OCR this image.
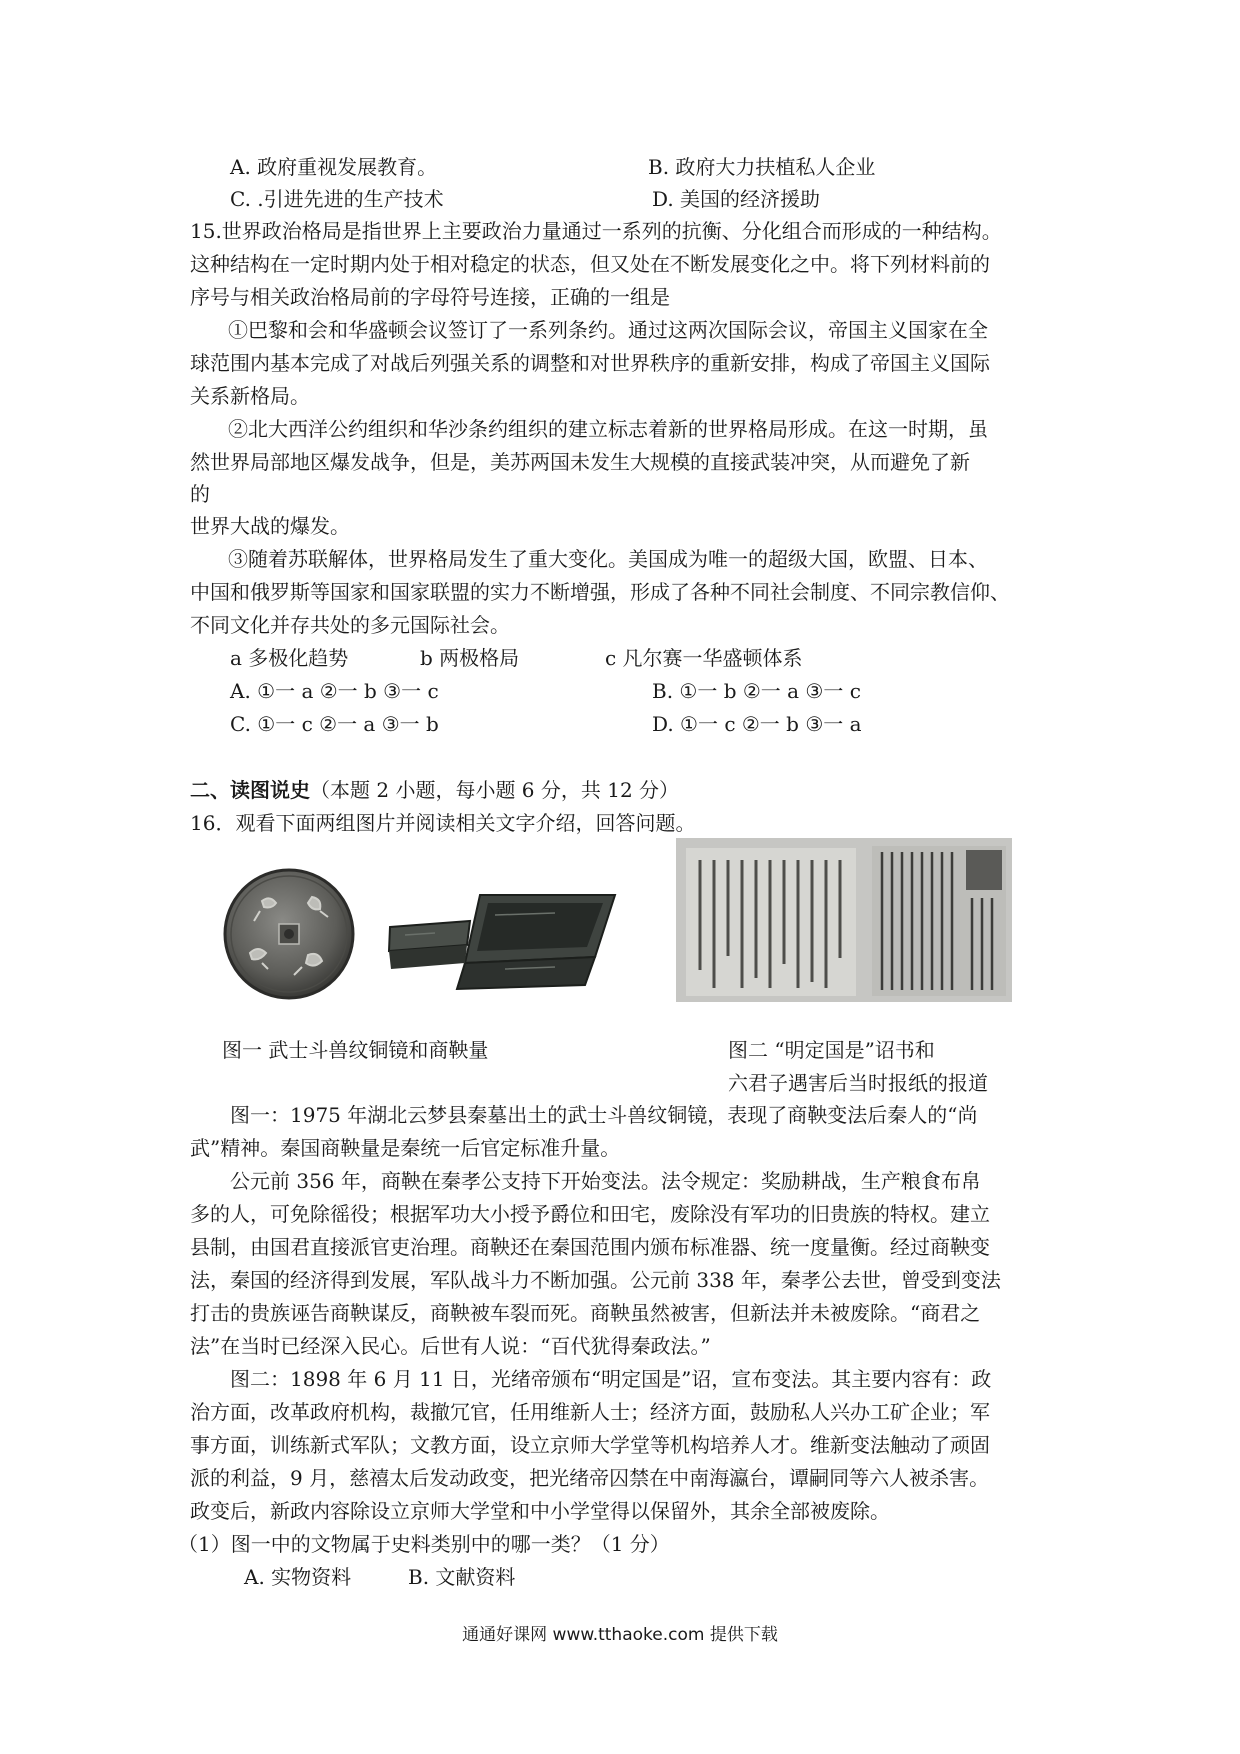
A. 政府重视发展教育。	B. 政府大力扶植私人企业
C. .引进先进的生产技术	D. 美国的经济援助
15.世界政治格局是指世界上主要政治力量通过一系列的抗衡、分化组合而形成的一种结构。
这种结构在一定时期内处于相对稳定的状态，但又处在不断发展变化之中。将下列材料前的
序号与相关政治格局前的字母符号连接，正确的一组是
①巴黎和会和华盛顿会议签订了一系列条约。通过这两次国际会议，帝国主义国家在全
球范围内基本完成了对战后列强关系的调整和对世界秩序的重新安排，构成了帝国主义国际
关系新格局。
②北大西洋公约组织和华沙条约组织的建立标志着新的世界格局形成。在这一时期，虽
然世界局部地区爆发战争，但是，美苏两国未发生大规模的直接武装冲突，从而避免了新
的
世界大战的爆发。
③随着苏联解体，世界格局发生了重大变化。美国成为唯一的超级大国，欧盟、日本、
中国和俄罗斯等国家和国家联盟的实力不断增强，形成了各种不同社会制度、不同宗教信仰、
不同文化并存共处的多元国际社会。
a 多极化趋势	b 两极格局	c 凡尔赛一华盛顿体系
A. ①一 a ②一 b ③一 c	B. ①一 b ②一 a ③一 c
C. ①一 c ②一 a ③一 b	D. ①一 c ②一 b ③一 a
二、读图说史（本题 2 小题，每小题 6 分，共 12 分）
16．观看下面两组图片并阅读相关文字介绍，回答问题。
图一 武士斗兽纹铜镜和商鞅量	图二 “明定国是”诏书和
六君子遇害后当时报纸的报道
图一：1975 年湖北云梦县秦墓出土的武士斗兽纹铜镜，表现了商鞅变法后秦人的“尚
武”精神。秦国商鞅量是秦统一后官定标准升量。
公元前 356 年，商鞅在秦孝公支持下开始变法。法令规定：奖励耕战，生产粮食布帛
多的人，可免除徭役；根据军功大小授予爵位和田宅，废除没有军功的旧贵族的特权。建立
县制，由国君直接派官吏治理。商鞅还在秦国范围内颁布标准器、统一度量衡。经过商鞅变
法，秦国的经济得到发展，军队战斗力不断加强。公元前 338 年，秦孝公去世，曾受到变法
打击的贵族诬告商鞅谋反，商鞅被车裂而死。商鞅虽然被害，但新法并未被废除。“商君之
法”在当时已经深入民心。后世有人说：“百代犹得秦政法。”
图二：1898 年 6 月 11 日，光绪帝颁布“明定国是”诏，宣布变法。其主要内容有：政
治方面，改革政府机构，裁撤冗官，任用维新人士；经济方面，鼓励私人兴办工矿企业；军
事方面，训练新式军队；文教方面，设立京师大学堂等机构培养人才。维新变法触动了顽固
派的利益，9 月，慈禧太后发动政变，把光绪帝囚禁在中南海瀛台，谭嗣同等六人被杀害。
政变后，新政内容除设立京师大学堂和中小学堂得以保留外，其余全部被废除。
（1）图一中的文物属于史料类别中的哪一类？（1 分）
A. 实物资料	B. 文献资料
通通好课网 www.tthaoke.com 提供下载
